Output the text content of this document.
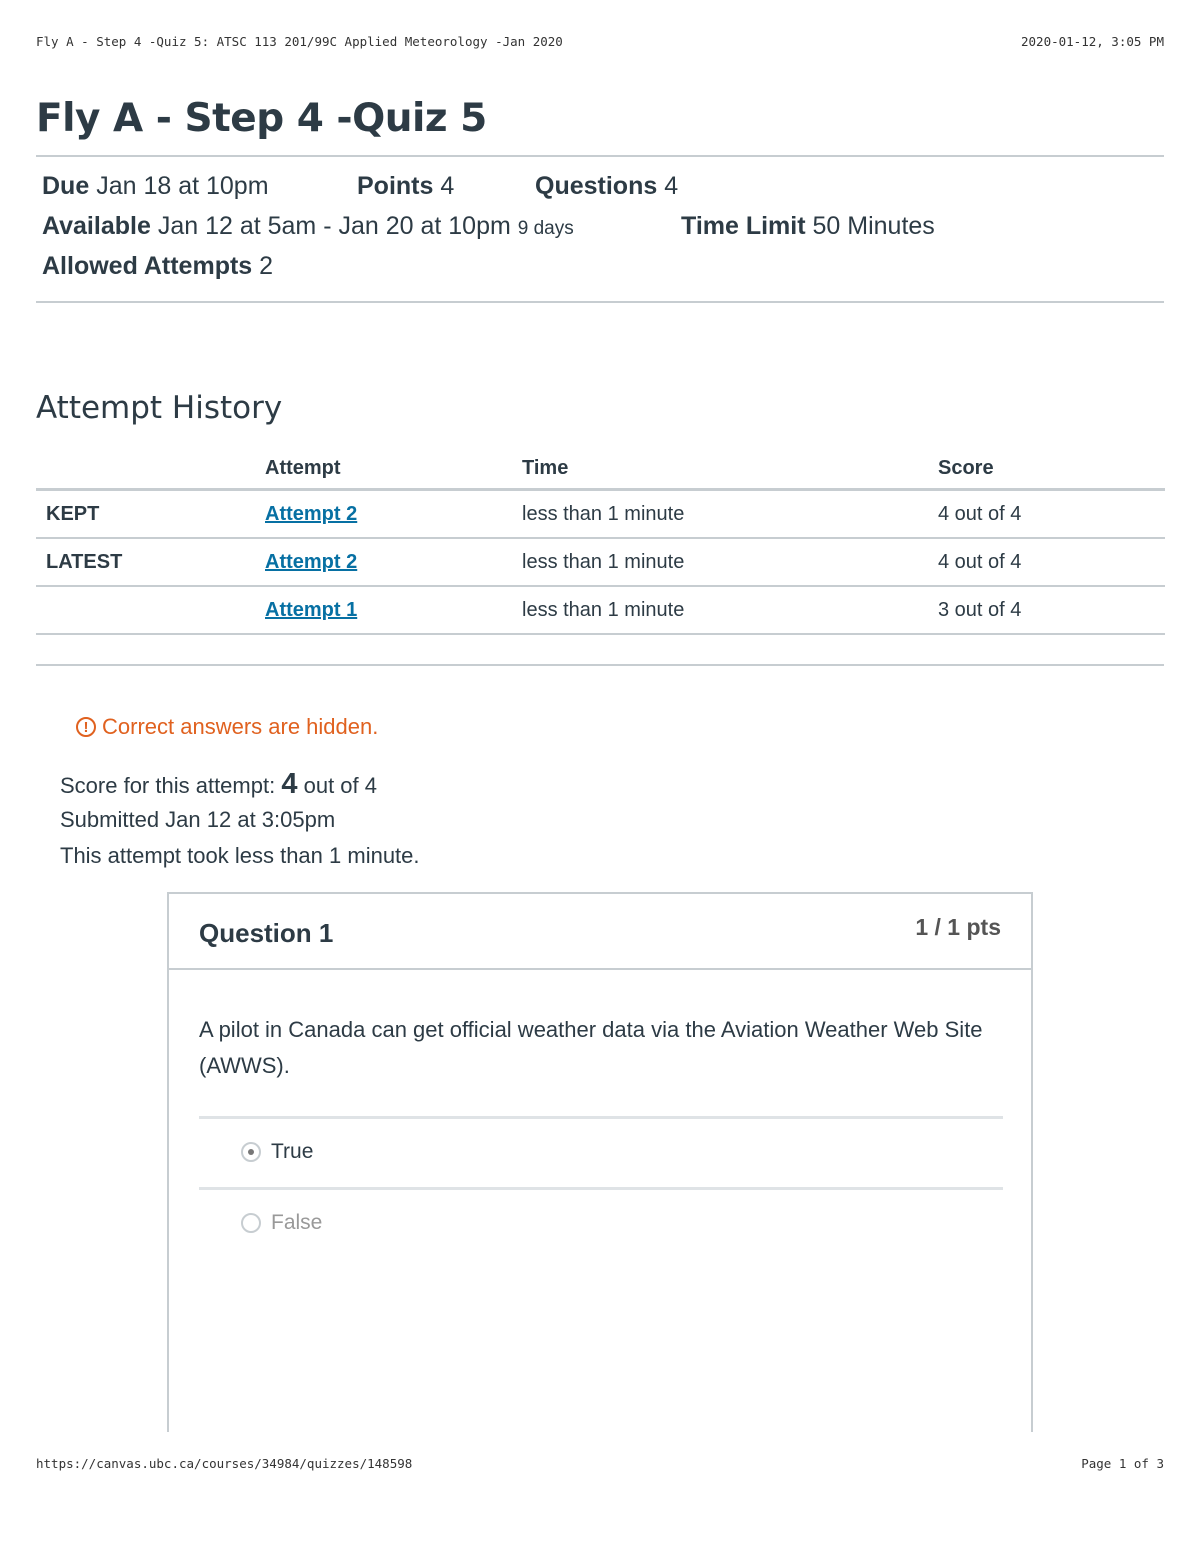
Fly A - Step 4 -Quiz 5: ATSC 113 201/99C Applied Meteorology -Jan 2020	2020-01-12, 3:05 PM
Fly A - Step 4 -Quiz 5
Due Jan 18 at 10pm	Points 4	Questions 4
Available Jan 12 at 5am - Jan 20 at 10pm 9 days	Time Limit 50 Minutes
Allowed Attempts 2
Attempt History
	Attempt	Time	Score
KEPT	Attempt 2	less than 1 minute	4 out of 4
LATEST	Attempt 2	less than 1 minute	4 out of 4
	Attempt 1	less than 1 minute	3 out of 4
! Correct answers are hidden.
Score for this attempt: 4 out of 4
Submitted Jan 12 at 3:05pm
This attempt took less than 1 minute.
Question 1	1 / 1 pts
A pilot in Canada can get official weather data via the Aviation Weather Web Site (AWWS).
True
False
https://canvas.ubc.ca/courses/34984/quizzes/148598	Page 1 of 3
